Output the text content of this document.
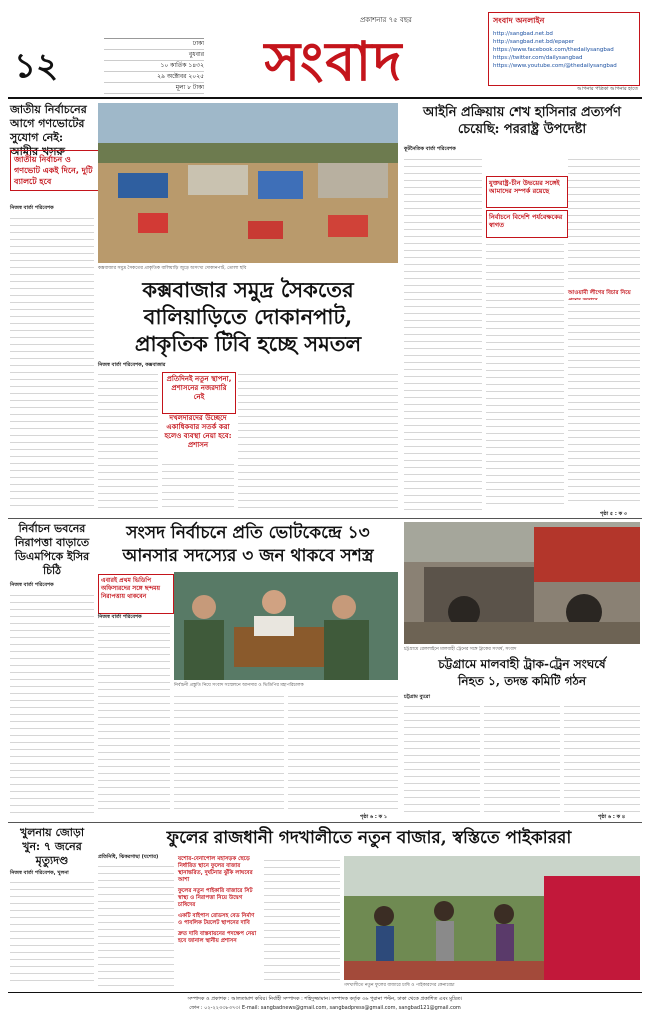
১২
ঢাকা
বুধবার
১০ কার্তিক ১৪৩২
২৯ অক্টোবর ২০২৫
মূল্য ৮ টাকা
প্রকাশনার ৭৫ বছর
সংবাদ
সংবাদ অনলাইন
http://sangbad.net.bd
http://sangbad.net.bd/epaper
https://www.facebook.com/thedailysangbad
https://twitter.com/dailysangbad
https://www.youtube.com/@thedailysangbad
আপনার পত্রিকা আপনার হাতে
জাতীয় নির্বাচনের আগে গণভোটের সুযোগ নেই: আমীর খসরু
জাতীয় নির্বাচন ও গণভোট একই দিনে, দুটি ব্যালটে হবে
নিজস্ব বার্তা পরিবেশক
কক্সবাজার সমুদ্র সৈকতের প্রাকৃতিক বালিয়াড়ি জুড়ে অসংখ্য দোকানপাট, তোলা ছবি
কক্সবাজার সমুদ্র সৈকতের
বালিয়াড়িতে দোকানপাট,
প্রাকৃতিক টিবি হচ্ছে সমতল
নিজস্ব বার্তা পরিবেশক, কক্সবাজার
প্রতিদিনই নতুন স্থাপনা, প্রশাসনের নজরদারি নেই
দখলদারদের উচ্ছেদে একাধিকবার সতর্ক করা হলেও ব্যবস্থা নেয়া হবে: প্রশাসন
আইনি প্রক্রিয়ায় শেখ হাসিনার প্রত্যর্পণ চেয়েছি: পররাষ্ট্র উপদেষ্টা
কূটনৈতিক বার্তা পরিবেশক
যুক্তরাষ্ট্র-চীন উভয়ের সঙ্গেই আমাদের সম্পর্ক রয়েছে
নির্বাচনে বিদেশি পর্যবেক্ষকের স্বাগত
আওয়ামী লীগের বিচার নিয়ে
পৃষ্ঠা ৫ : ক ৩
নির্বাচন ভবনের নিরাপত্তা বাড়াতে ডিএমপিকে ইসির চিঠি
নিজস্ব বার্তা পরিবেশক
সংসদ নির্বাচনে প্রতি ভোটকেন্দ্রে ১৩
আনসার সদস্যের ৩ জন থাকবে সশস্ত্র
এবারই প্রথম ভিডিপি অফিসারদের সঙ্গে ছন্দময় নিরাপত্তায় থাকবেন
নিজস্ব বার্তা পরিবেশক
নির্বাচনী প্রস্তুতি নিয়ে সংবাদ সম্মেলনে আনসার ও ভিডিপির মহাপরিচালক
পৃষ্ঠা ৬ : ক ১
চট্টগ্রামে রেললাইনে মালবাহী ট্রেনের সঙ্গে ট্রাকের সংঘর্ষ, সংবাদ
চট্টগ্রামে মালবাহী ট্রাক-ট্রেন সংঘর্ষে
নিহত ১, তদন্ত কমিটি গঠন
চট্টগ্রাম ব্যুরো
পৃষ্ঠা ৬ : ক ৪
খুলনায় জোড়া খুন: ৭ জনের মৃত্যুদণ্ড
নিজস্ব বার্তা পরিবেশক, খুলনা
ফুলের রাজধানী গদখালীতে নতুন বাজার, স্বস্তিতে পাইকাররা
প্রতিনিধি, ঝিকরগাছা (যশোর)	যশোর-বেনাপোল মহাসড়ক ছেড়ে নির্ধারিত স্থানে ফুলের বাজার স্থানান্তরিত, দুর্ঘটনার ঝুঁকি লাঘবের আশা
ফুলের নতুন পাইকারি বাজারে সিট স্বাস্থ্য ও নিরাপত্তা নিয়ে উদ্বেগ চাষিদের
একটি বাইপাস রোডসহ বেড নির্মাণ ও পাবলিক টয়লেট স্থাপনের দাবি
দ্রুত দাবি বাস্তবায়নের পদক্ষেপ নেয়া হবে জানাল স্থানীয় প্রশাসন
গদখালীতে নতুন ফুলের বাজারে চাষি ও পাইকারদের কেনাবেচা
সম্পাদক ও প্রকাশক : আলতামাশ কবির। নির্বাহী সম্পাদক : শহিদুজ্জামান। সম্পাদক কর্তৃক ৩৬ পুরানা পল্টন, ঢাকা থেকে প্রকাশিত এবং মুদ্রিত।
ফোন : ০২-২২৩৩৮৩৭৩। E-mail: sangbadnews@gmail.com, sangbadpress@gmail.com, sangbad121@gmail.com
